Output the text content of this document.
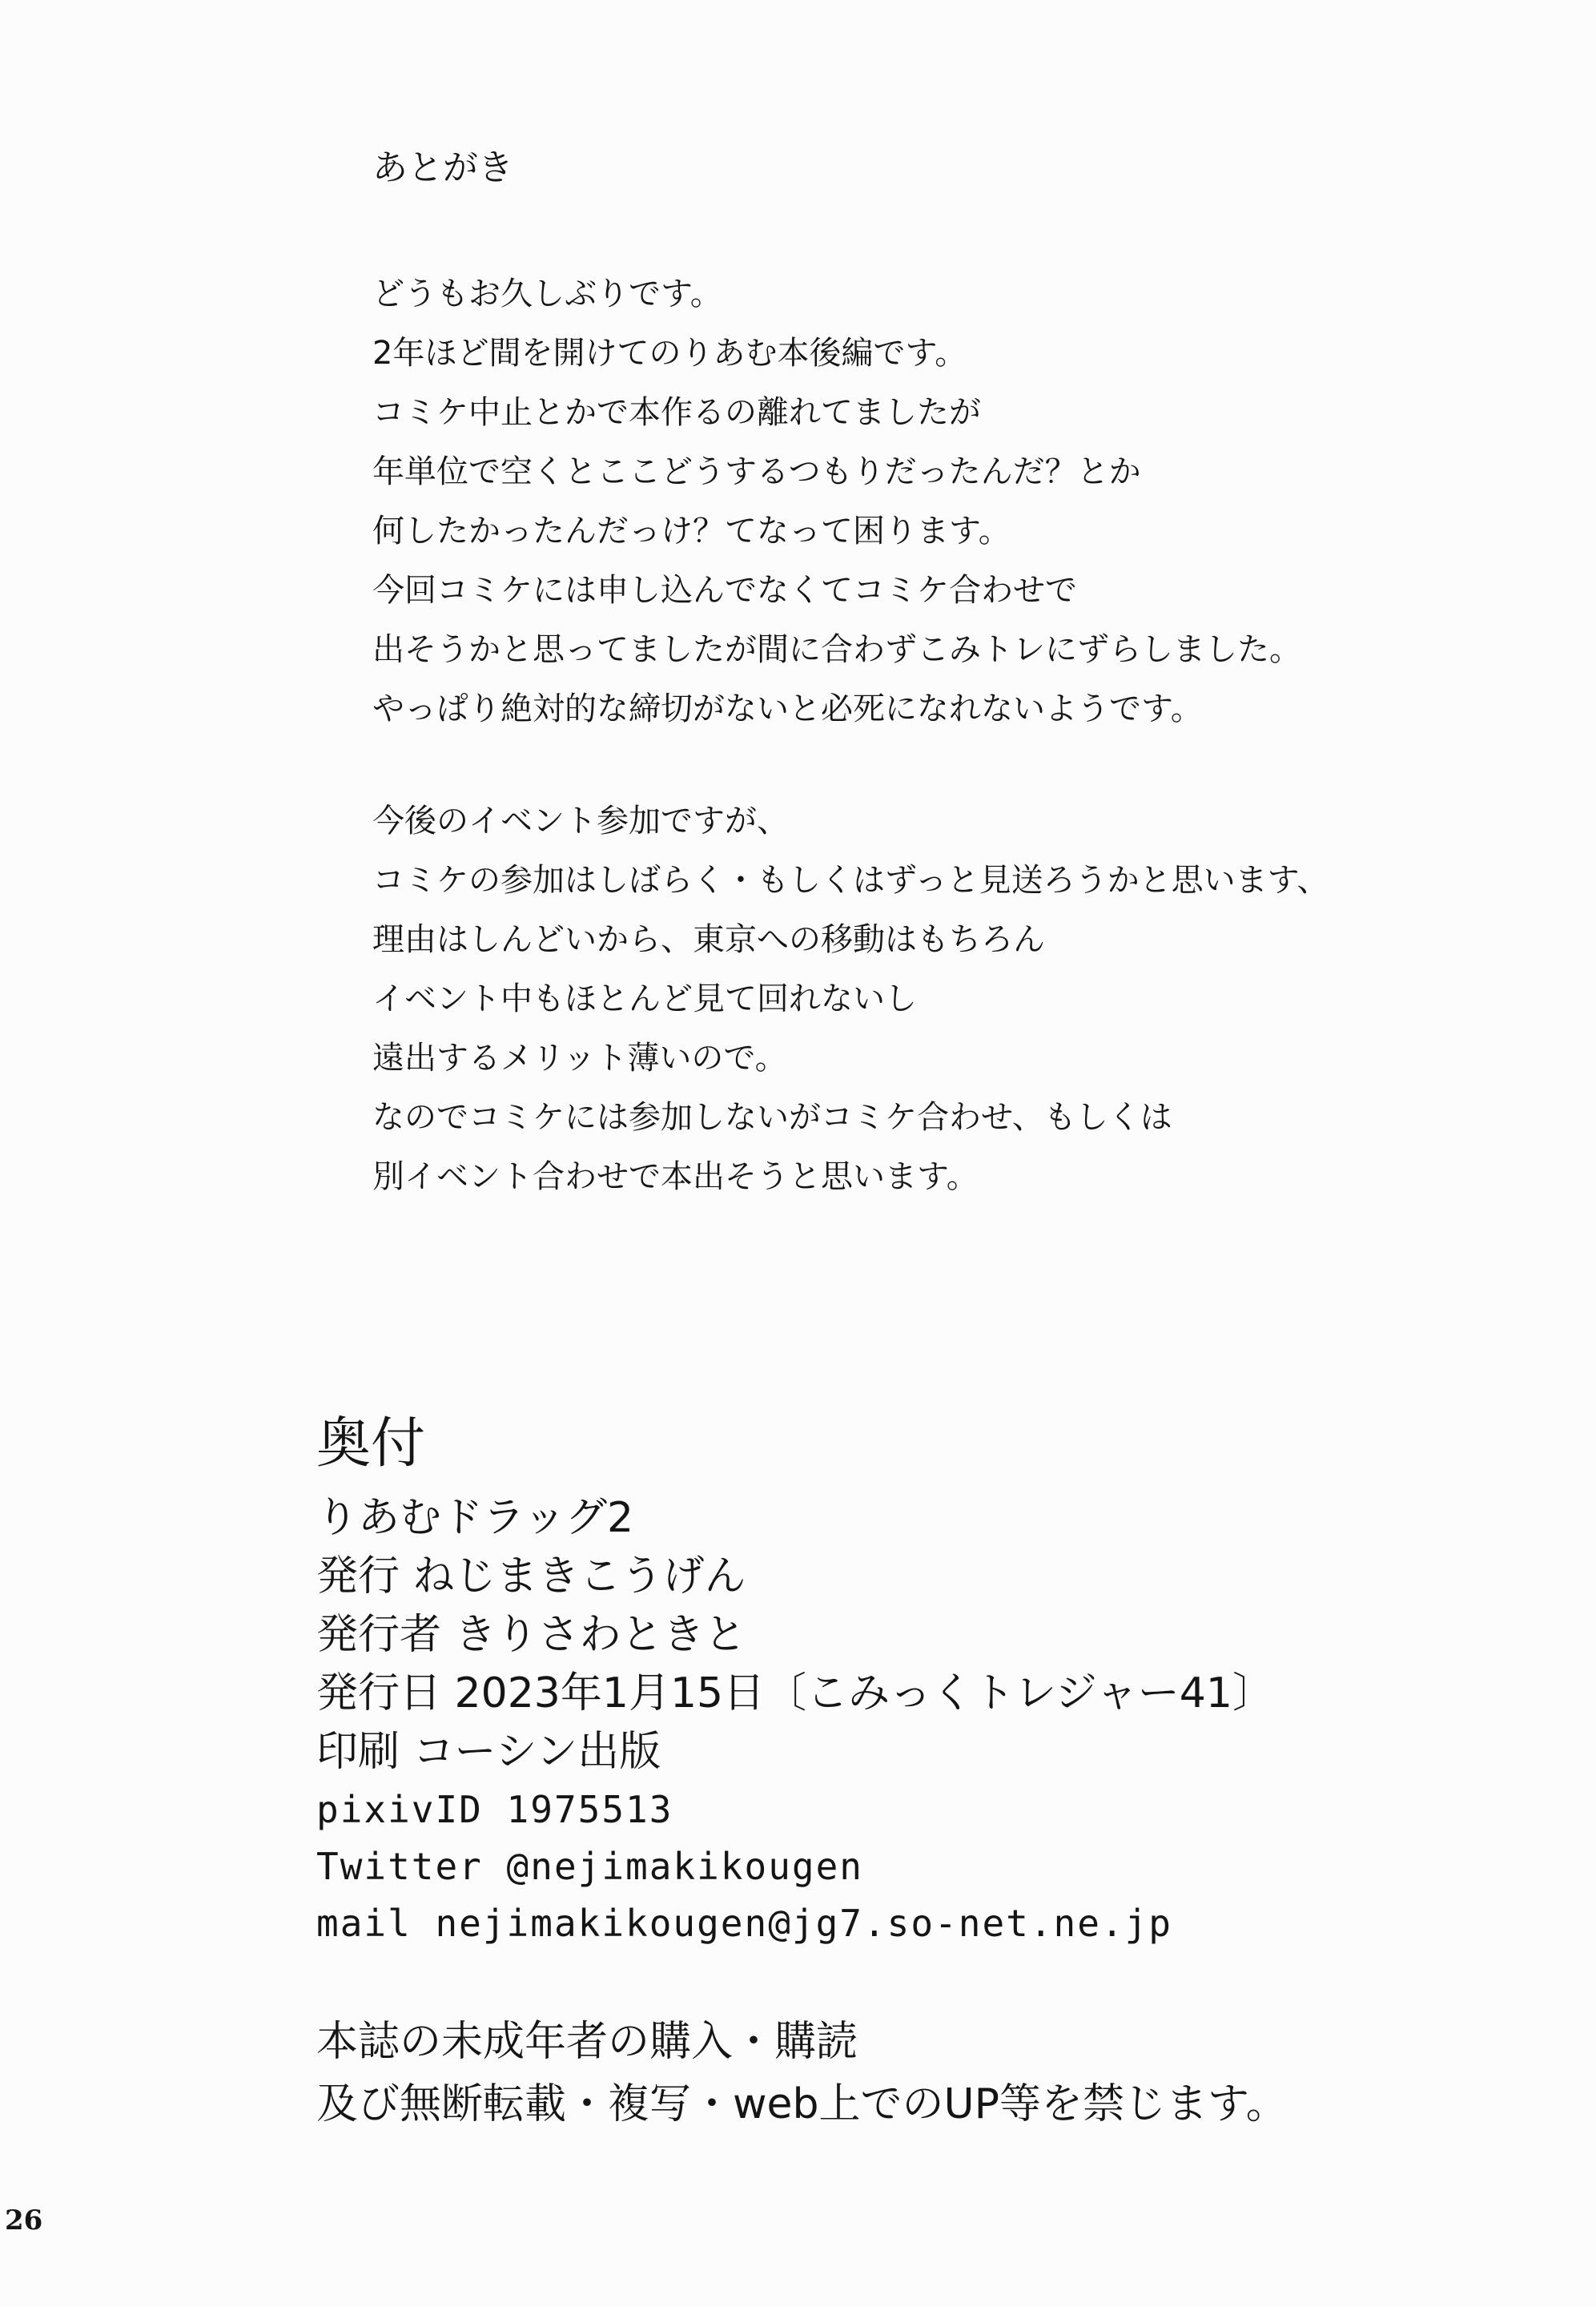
あとがき

どうもお久しぶりです。
2年ほど間を開けてのりあむ本後編です。
コミケ中止とかで本作るの離れてましたが
年単位で空くとここどうするつもりだったんだ？とか
何したかったんだっけ？てなって困ります。
今回コミケには申し込んでなくてコミケ合わせで
出そうかと思ってましたが間に合わずこみトレにずらしました。
やっぱり絶対的な締切がないと必死になれないようです。

今後のイベント参加ですが、
コミケの参加はしばらく・もしくはずっと見送ろうかと思います、
理由はしんどいから、東京への移動はもちろん
イベント中もほとんど見て回れないし
遠出するメリット薄いので。
なのでコミケには参加しないがコミケ合わせ、もしくは
別イベント合わせで本出そうと思います。

奥付
りあむドラッグ2
発行 ねじまきこうげん
発行者 きりさわときと
発行日 2023年1月15日〔こみっくトレジャー41〕
印刷 コーシン出版
pixivID 1975513
Twitter @nejimakikougen
mail nejimakikougen@jg7.so-net.ne.jp
本誌の未成年者の購入・購読
及び無断転載・複写・web上でのUP等を禁じます。
26
